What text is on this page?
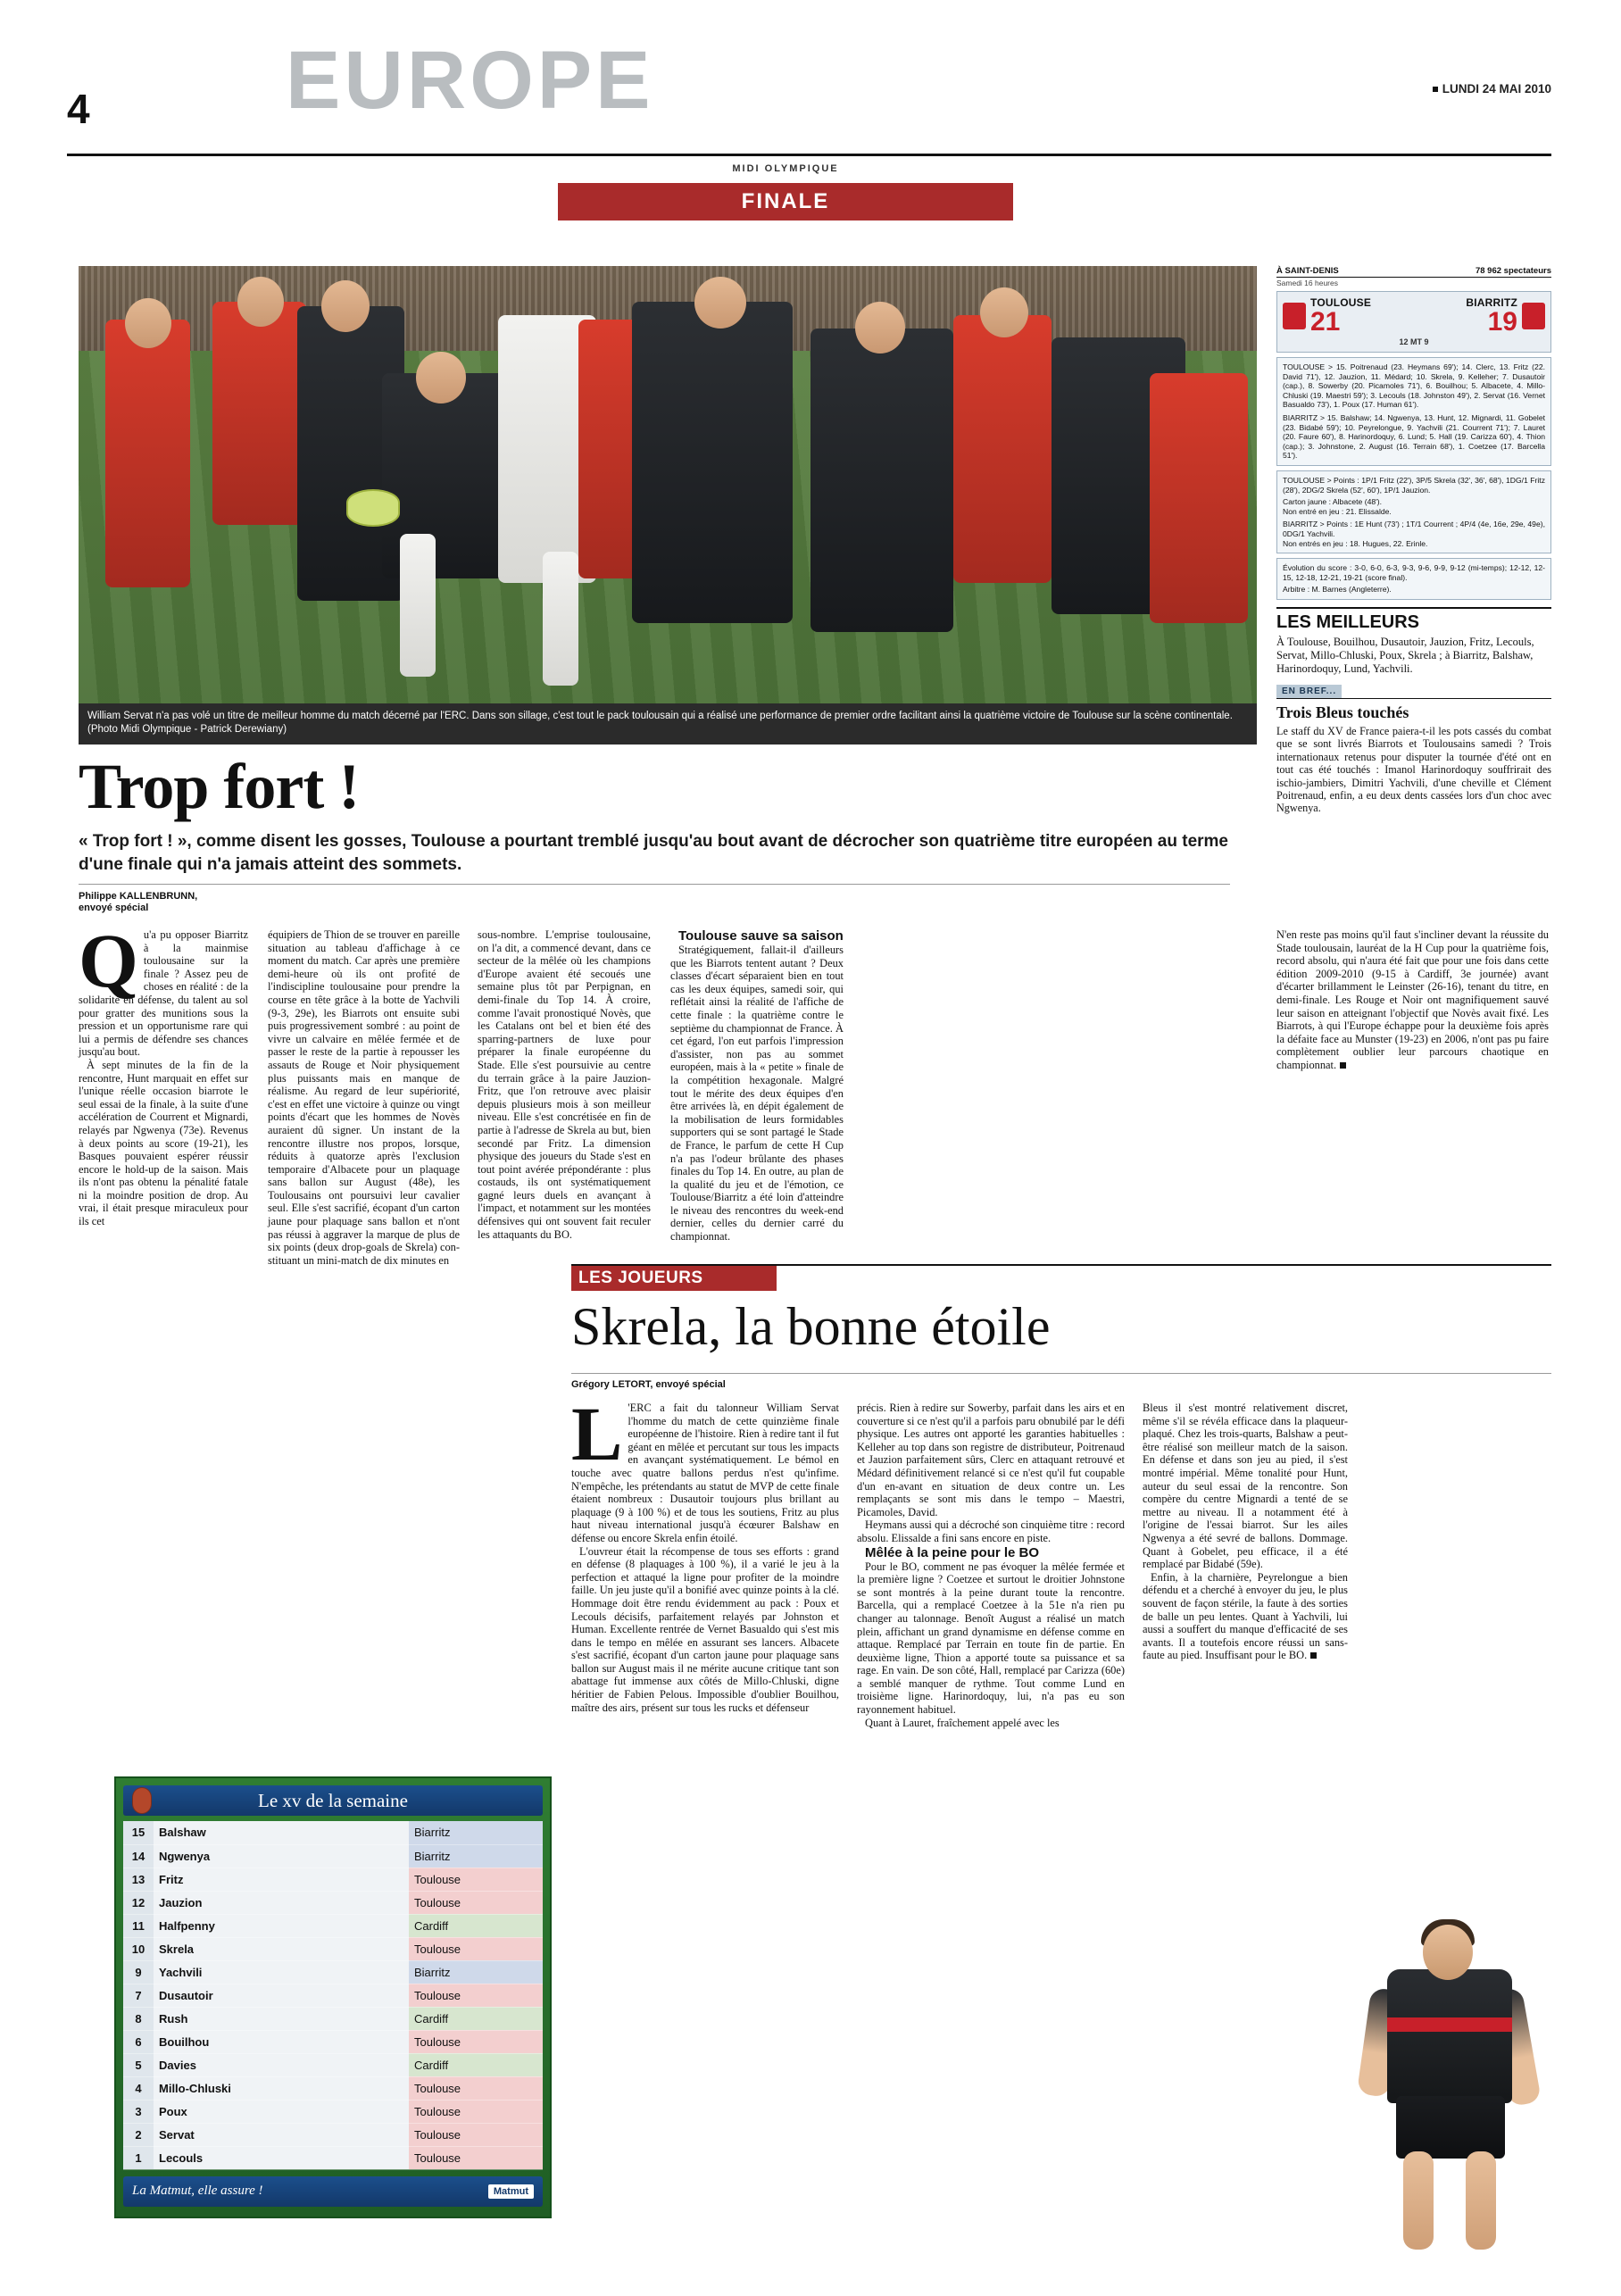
4 EUROPE	LUNDI 24 MAI 2010
MIDI OLYMPIQUE
FINALE
William Servat n'a pas volé un titre de meilleur homme du match décerné par l'ERC. Dans son sillage, c'est tout le pack toulousain qui a réalisé une performance de premier ordre facilitant ainsi la quatrième victoire de Toulouse sur la scène continentale. (Photo Midi Olympique - Patrick Derewiany)
Trop fort !
« Trop fort ! », comme disent les gosses, Toulouse a pourtant tremblé jusqu'au bout avant de décrocher son quatrième titre européen au terme d'une finale qui n'a jamais atteint des sommets.
Philippe KALLENBRUNN,
envoyé spécial

Qu'a pu opposer Biarritz à la mainmise toulousaine sur la finale ? Assez peu de choses en réalité : de la solidarité en défense, du talent au sol pour gratter des munitions sous la pression et un opportunisme rare qui lui a permis de défendre ses chances jusqu'au bout.

À sept minutes de la fin de la rencontre, Hunt marquait en effet sur l'unique réelle occasion biarrote le seul essai de la finale, à la suite d'une accélération de Courrent et Mignardi, relayés par Ngwenya (73e). Revenus à deux points au score (19-21), les Basques pouvaient espérer réussir encore le hold-up de la saison. Mais ils n'ont pas obtenu la pénalité fatale ni la moindre position de drop. Au vrai, il était presque miraculeux pour ils cet

équipiers de Thion de se trouver en pareille situation au tableau d'affichage à ce moment du match. Car après une première demi-heure où ils ont profité de l'indiscipline toulousaine pour prendre la course en tête grâce à la botte de Yachvili (9-3, 29e), les Biarrots ont ensuite subi puis progressivement sombré : au point de vivre un calvaire en mêlée fermée et de passer le reste de la partie à repousser les assauts de Rouge et Noir physiquement plus puissants mais en manque de réalisme. Au regard de leur supériorité, c'est en effet une victoire à quinze ou vingt points d'écart que les hommes de Novès auraient dû signer. Un instant de la rencontre illustre nos propos, lorsque, réduits à quatorze après l'exclusion temporaire d'Albacete pour un plaquage sans ballon sur August (48e), les Toulousains ont poursuivi leur cavalier seul. Elle s'est sacrifié, écopant d'un carton jaune pour plaquage sans ballon et n'ont pas réussi à aggraver la marque de plus de six points (deux drop-goals de Skrela) constituant un mini-match de dix minutes en

sous-nombre. L'emprise toulousaine, on l'a dit, a commencé devant, dans ce secteur de la mêlée où les champions d'Europe avaient été secoués une semaine plus tôt par Perpignan, en demi-finale du Top 14. À croire, comme l'avait pronostiqué Novès, que les Catalans ont bel et bien été des sparring-partners de luxe pour préparer la finale européenne du Stade. Elle s'est poursuivie au centre du terrain grâce à la paire Jauzion-Fritz, que l'on retrouve avec plaisir depuis plusieurs mois à son meilleur niveau. Elle s'est concrétisée en fin de partie à l'adresse de Skrela au but, bien secondé par Fritz. La dimension physique des joueurs du Stade s'est en tout point avérée prépondérante : plus costauds, ils ont systématiquement gagné leurs duels en avançant à l'impact, et notamment sur les montées défensives qui ont souvent fait reculer les attaquants du BO.

Toulouse sauve sa saison

Stratégiquement, fallait-il d'ailleurs que les Biarrots tentent autant ? Deux classes d'écart séparaient bien en tout cas les deux équipes, samedi soir, qui reflétait ainsi la réalité de l'affiche de cette finale : la quatrième contre le septième du championnat de France. À cet égard, l'on eut parfois l'impression d'assister, non pas au sommet européen, mais à la « petite » finale de la compétition hexagonale. Malgré tout le mérite des deux équipes d'en être arrivées là, en dépit également de la mobilisation de leurs formidables supporters qui se sont partagé le Stade de France, le parfum de cette H Cup n'a pas l'odeur brûlante des phases finales du Top 14. En outre, au plan de la qualité du jeu et de l'émotion, ce Toulouse/Biarritz a été loin d'atteindre le niveau des rencontres du week-end dernier, celles du dernier carré du championnat.

N'en reste pas moins qu'il faut s'incliner devant la réussite du Stade toulousain, lauréat de la H Cup pour la quatrième fois, record absolu, qui n'aura été fait que pour une fois dans cette édition 2009-2010 (9-15 à Cardiff, 3e journée) avant d'écarter brillamment le Leinster (26-16), tenant du titre, en demi-finale. Les Rouge et Noir ont magnifiquement sauvé leur saison en atteignant l'objectif que Novès avait fixé. Les Biarrots, à qui l'Europe échappe pour la deuxième fois après la défaite face au Munster (19-23) en 2006, n'ont pas pu faire complètement oublier leur parcours chaotique en championnat.

À SAINT-DENIS	78 962 spectateurs
Samedi 16 heures
TOULOUSE
21
BIARRITZ
19
12 MT 9
TOULOUSE > 15. Poitrenaud (23. Heymans 69'); 14. Clerc, 13. Fritz (22. David 71'), 12. Jauzion, 11. Médard; 10. Skrela, 9. Kelleher; 7. Dusautoir (cap.), 8. Sowerby (20. Picamoles 71'), 6. Bouilhou; 5. Albacete, 4. Millo-Chluski (19. Maestri 59'); 3. Lecouls (18. Johnston 49'), 2. Servat (16. Vernet Basualdo 73'), 1. Poux (17. Human 61').
BIARRITZ > 15. Balshaw; 14. Ngwenya, 13. Hunt, 12. Mignardi, 11. Gobelet (23. Bidabé 59'); 10. Peyrelongue, 9. Yachvili (21. Courrent 71'); 7. Lauret (20. Faure 60'), 8. Harinordoquy, 6. Lund; 5. Hall (19. Carizza 60'), 4. Thion (cap.); 3. Johnstone, 2. August (16. Terrain 68'), 1. Coetzee (17. Barcella 51').
TOULOUSE > Points : 1P/1 Fritz (22'), 3P/5 Skrela (32', 36', 68'), 1DG/1 Fritz (28'), 2DG/2 Skrela (52', 60'), 1P/1 Jauzion.
Carton jaune : Albacete (48').
Non entré en jeu : 21. Elissalde.
BIARRITZ > Points : 1E Hunt (73') ; 1T/1 Courrent ; 4P/4 (4e, 16e, 29e, 49e), 0DG/1 Yachvili.
Non entrés en jeu : 18. Hugues, 22. Erinle.
Évolution du score : 3-0, 6-0, 6-3, 9-3, 9-6, 9-9, 9-12 (mi-temps); 12-12, 12-15, 12-18, 12-21, 19-21 (score final).
Arbitre : M. Barnes (Angleterre).
LES MEILLEURS
À Toulouse, Bouilhou, Dusautoir, Jauzion, Fritz, Lecouls, Servat, Millo-Chluski, Poux, Skrela ; à Biarritz, Balshaw, Harinordoquy, Lund, Yachvili.
EN BREF...
Trois Bleus touchés
Le staff du XV de France paiera-t-il les pots cassés du combat que se sont livrés Biarrots et Toulousains samedi ? Trois internationaux retenus pour disputer la tournée d'été ont en tout cas été touchés : Imanol Harinordoquy souffrirait des ischio-jambiers, Dimitri Yachvili, d'une cheville et Clément Poitrenaud, enfin, a eu deux dents cassées lors d'un choc avec Ngwenya.
LES JOUEURS
Skrela, la bonne étoile
Grégory LETORT, envoyé spécial

L 'ERC a fait du talonneur William Servat l'homme du match de cette quinzième finale européenne de l'histoire. Rien à redire tant il fut géant en mêlée et percutant sur tous les impacts en avançant systématiquement. Le bémol en touche avec quatre ballons perdus n'est qu'infime. N'empêche, les prétendants au statut de MVP de cette finale étaient nombreux : Dusautoir toujours plus brillant au plaquage (9 à 100 %) et de tous les soutiens, Fritz au plus haut niveau international jusqu'à écœurer Balshaw en défense ou encore Skrela enfin étoilé.

L'ouvreur était la récompense de tous ses efforts : grand en défense (8 plaquages à 100 %), il a varié le jeu à la perfection et attaqué la ligne pour profiter de la moindre faille. Un jeu juste qu'il a bonifié avec quinze points à la clé. Hommage doit être rendu évidemment au pack : Poux et Lecouls décisifs, parfaitement relayés par Johnston et Human. Excellente rentrée de Vernet Basualdo qui s'est mis dans le tempo en mêlée en assurant ses lancers. Albacete s'est sacrifié, écopant d'un carton jaune pour plaquage sans ballon sur August mais il ne mérite aucune critique tant son abattage fut immense aux côtés de Millo-Chluski, digne héritier de Fabien Pelous. Impossible d'oublier Bouilhou, maître des airs, présent sur tous les rucks et défenseur

précis. Rien à redire sur Sowerby, parfait dans les airs et en couverture si ce n'est qu'il a parfois paru obnubilé par le défi physique. Les autres ont apporté les garanties habituelles : Kelleher au top dans son registre de distributeur, Poitrenaud et Jauzion parfaitement sûrs, Clerc en attaquant retrouvé et Médard définitivement relancé si ce n'est qu'il fut coupable d'un en-avant en situation de deux contre un. Les remplaçants se sont mis dans le tempo – Maestri, Picamoles, David.

Heymans aussi qui a décroché son cinquième titre : record absolu. Elissalde a fini sans encore en piste.

Mêlée à la peine pour le BO

Pour le BO, comment ne pas évoquer la mêlée fermée et la première ligne ? Coetzee et surtout le droitier Johnstone se sont montrés à la peine durant toute la rencontre. Barcella, qui a remplacé Coetzee à la 51e n'a rien pu changer au talonnage. Benoît August a réalisé un match plein, affichant un grand dynamisme en défense comme en attaque. Remplacé par Terrain en toute fin de partie. En deuxième ligne, Thion a apporté toute sa puissance et sa rage. En vain. De son côté, Hall, remplacé par Carizza (60e) a semblé manquer de rythme. Tout comme Lund en troisième ligne. Harinordoquy, lui, n'a pas eu son rayonnement habituel.

Quant à Lauret, fraîchement appelé avec les

Bleus il s'est montré relativement discret, même s'il se révéla efficace dans la plaqueur-plaqué. Chez les trois-quarts, Balshaw a peut-être réalisé son meilleur match de la saison. En défense et dans son jeu au pied, il s'est montré impérial. Même tonalité pour Hunt, auteur du seul essai de la rencontre. Son compère du centre Mignardi a tenté de se mettre au niveau. Il a notamment été à l'origine de l'essai biarrot. Sur les ailes Ngwenya a été sevré de ballons. Dommage. Quant à Gobelet, peu efficace, il a été remplacé par Bidabé (59e).

Enfin, à la charnière, Peyrelongue a bien défendu et a cherché à envoyer du jeu, le plus souvent de façon stérile, la faute à des sorties de balle un peu lentes. Quant à Yachvili, lui aussi a souffert du manque d'efficacité de ses avants. Il a toutefois encore réussi un sans-faute au pied. Insuffisant pour le BO.

Le xv de la semaine
15	Balshaw	Biarritz
14	Ngwenya	Biarritz
13	Fritz	Toulouse
12	Jauzion	Toulouse
11	Halfpenny	Cardiff
10	Skrela	Toulouse
9	Yachvili	Biarritz
7	Dusautoir	Toulouse
8	Rush	Cardiff
6	Bouilhou	Toulouse
5	Davies	Cardiff
4	Millo-Chluski	Toulouse
3	Poux	Toulouse
2	Servat	Toulouse
1	Lecouls	Toulouse
La Matmut, elle assure !	Matmut
